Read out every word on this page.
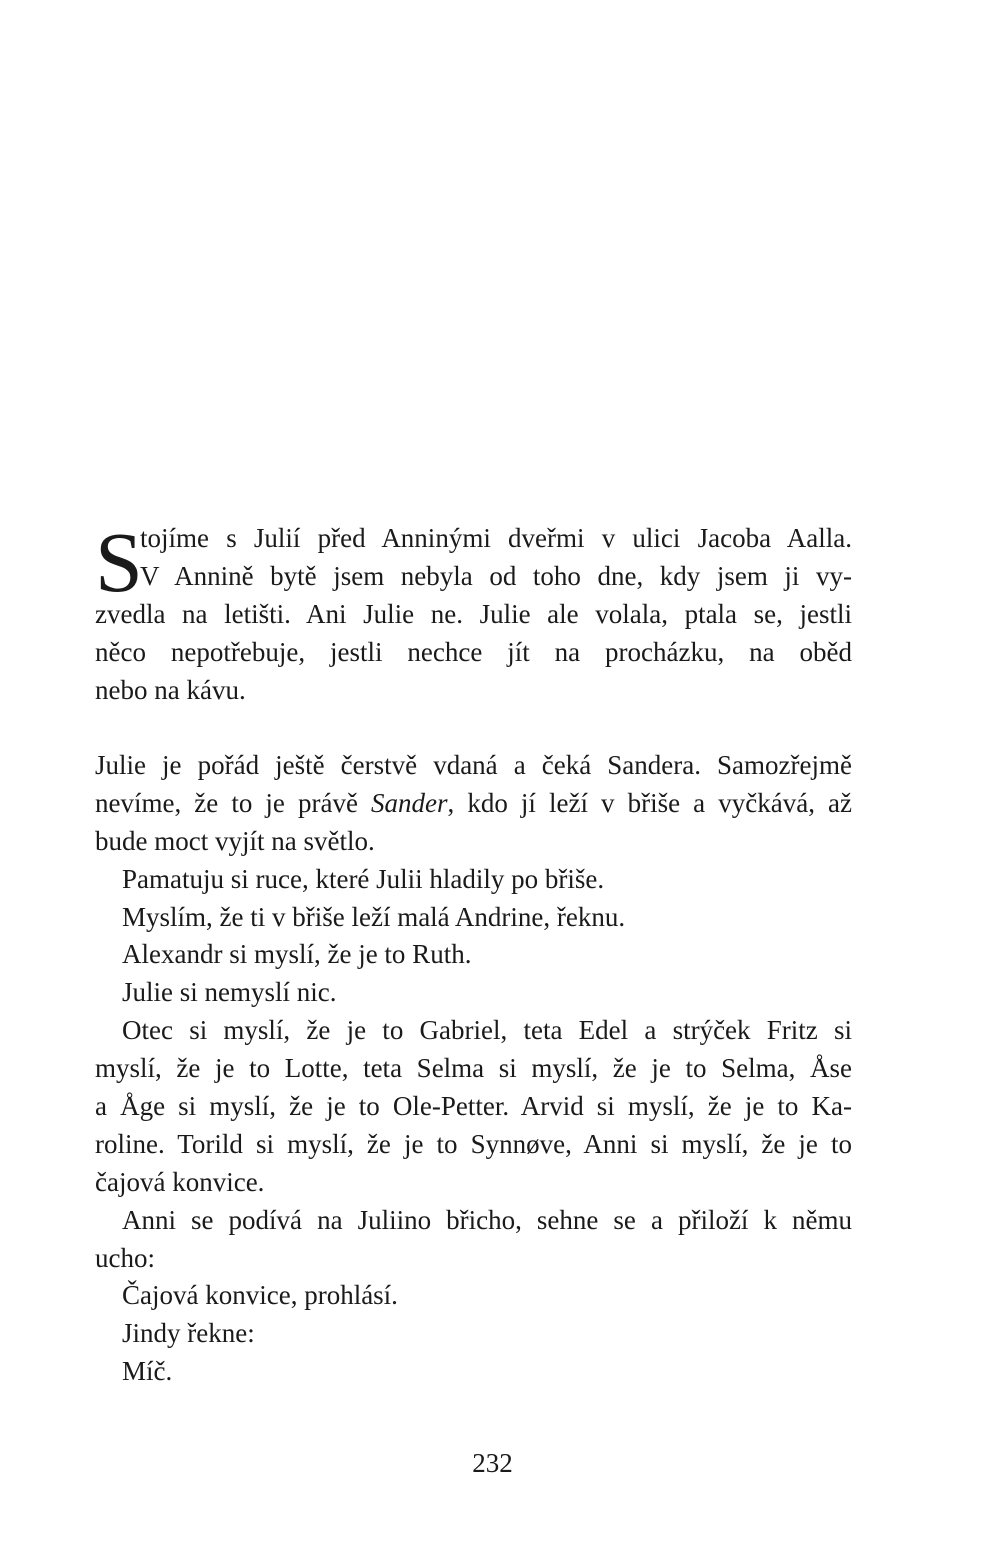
S
tojíme s Julií před Anninými dveřmi v ulici Jacoba Aalla.
V Annině bytě jsem nebyla od toho dne, kdy jsem ji vy-
zvedla na letišti. Ani Julie ne. Julie ale volala, ptala se, jestli
něco nepotřebuje, jestli nechce jít na procházku, na oběd
nebo na kávu.
Julie je pořád ještě čerstvě vdaná a čeká Sandera. Samozřejmě
nevíme, že to je právě Sander, kdo jí leží v břiše a vyčkává, až
bude moct vyjít na světlo.
Pamatuju si ruce, které Julii hladily po břiše.
Myslím, že ti v břiše leží malá Andrine, řeknu.
Alexandr si myslí, že je to Ruth.
Julie si nemyslí nic.
Otec si myslí, že je to Gabriel, teta Edel a strýček Fritz si
myslí, že je to Lotte, teta Selma si myslí, že je to Selma, Åse
a Åge si myslí, že je to Ole-Petter. Arvid si myslí, že je to Ka-
roline. Torild si myslí, že je to Synnøve, Anni si myslí, že je to
čajová konvice.
Anni se podívá na Juliino břicho, sehne se a přiloží k němu
ucho:
Čajová konvice, prohlásí.
Jindy řekne:
Míč.
232
